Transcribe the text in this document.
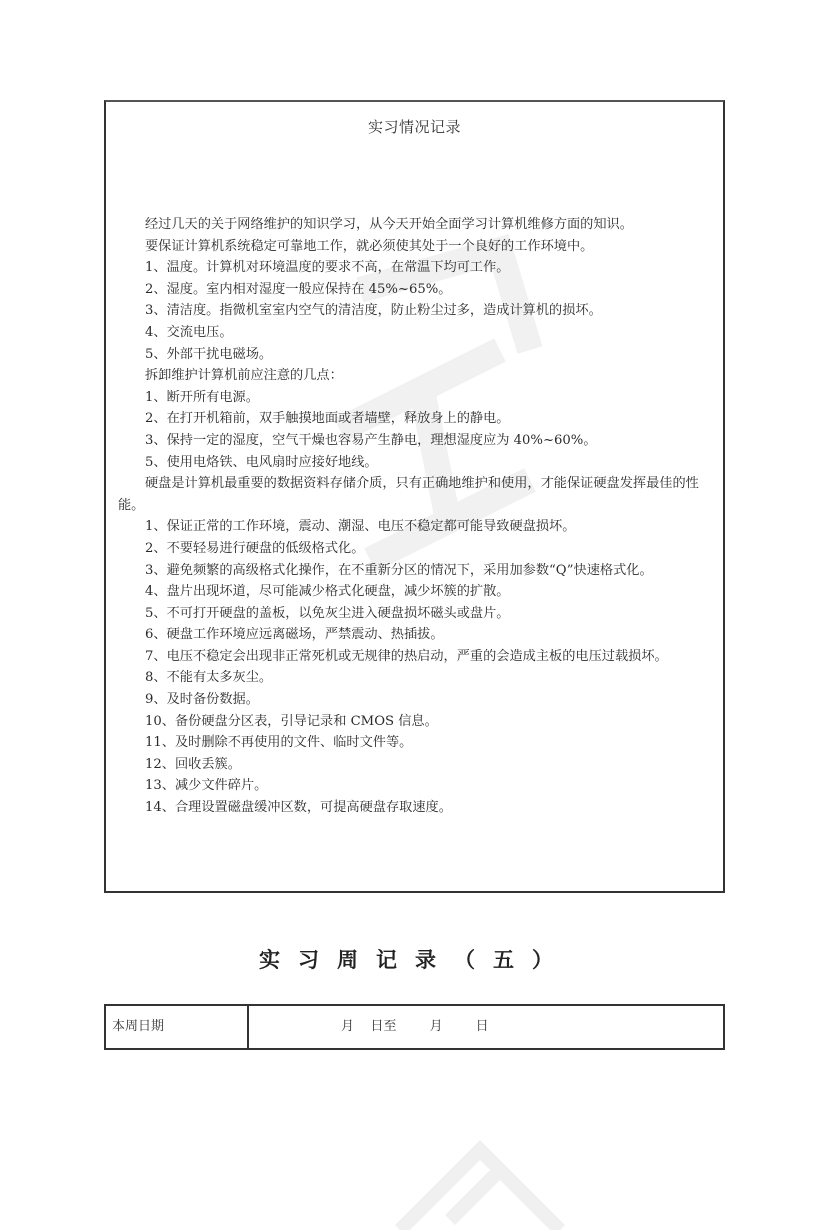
实习情况记录
经过几天的关于网络维护的知识学习，从今天开始全面学习计算机维修方面的知识。
要保证计算机系统稳定可靠地工作，就必须使其处于一个良好的工作环境中。
1、温度。计算机对环境温度的要求不高，在常温下均可工作。
2、湿度。室内相对湿度一般应保持在 45%~65%。
3、清洁度。指微机室室内空气的清洁度，防止粉尘过多，造成计算机的损坏。
4、交流电压。
5、外部干扰电磁场。
拆卸维护计算机前应注意的几点：
1、断开所有电源。
2、在打开机箱前，双手触摸地面或者墙壁，释放身上的静电。
3、保持一定的湿度，空气干燥也容易产生静电，理想湿度应为 40%~60%。
5、使用电烙铁、电风扇时应接好地线。
硬盘是计算机最重要的数据资料存储介质，只有正确地维护和使用，才能保证硬盘发挥最佳的性能。
1、保证正常的工作环境，震动、潮湿、电压不稳定都可能导致硬盘损坏。
2、不要轻易进行硬盘的低级格式化。
3、避免频繁的高级格式化操作，在不重新分区的情况下，采用加参数“Q”快速格式化。
4、盘片出现坏道，尽可能减少格式化硬盘，减少坏簇的扩散。
5、不可打开硬盘的盖板，以免灰尘进入硬盘损坏磁头或盘片。
6、硬盘工作环境应远离磁场，严禁震动、热插拔。
7、电压不稳定会出现非正常死机或无规律的热启动，严重的会造成主板的电压过载损坏。
8、不能有太多灰尘。
9、及时备份数据。
10、备份硬盘分区表，引导记录和 CMOS 信息。
11、及时删除不再使用的文件、临时文件等。
12、回收丢簇。
13、减少文件碎片。
14、合理设置磁盘缓冲区数，可提高硬盘存取速度。
实习周记录（五）
本周日期	月    日至        月        日
